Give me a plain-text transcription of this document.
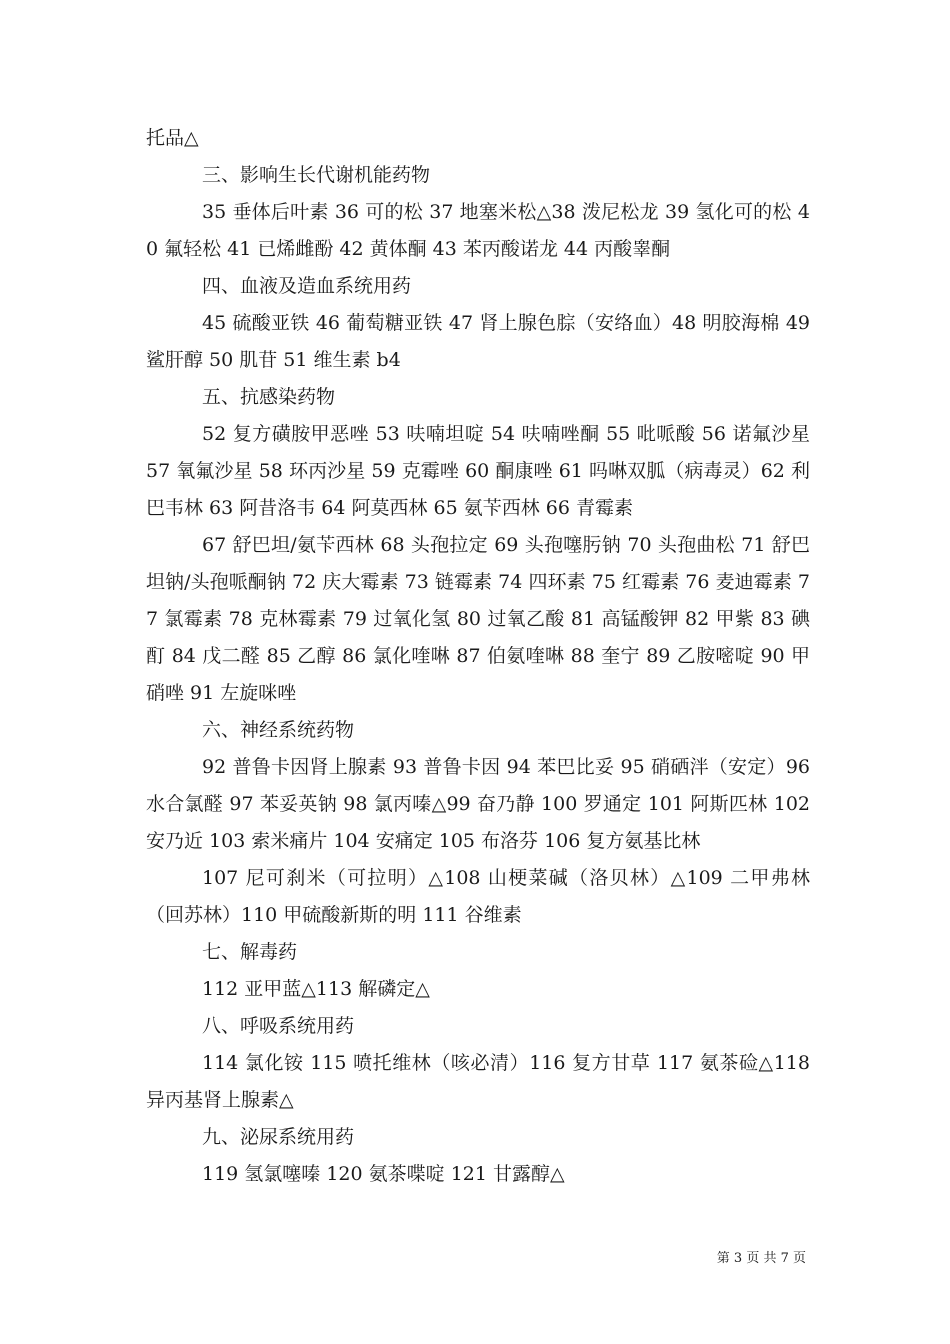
托品△

三、影响生长代谢机能药物

35 垂体后叶素 36 可的松 37 地塞米松△38 泼尼松龙 39 氢化可的松 40 氟轻松 41 已烯雌酚 42 黄体酮 43 苯丙酸诺龙 44 丙酸睾酮

四、血液及造血系统用药

45 硫酸亚铁 46 葡萄糖亚铁 47 肾上腺色腙（安络血）48 明胶海棉 49 鲨肝醇 50 肌苷 51 维生素 b4

五、抗感染药物

52 复方磺胺甲恶唑 53 呋喃坦啶 54 呋喃唑酮 55 吡哌酸 56 诺氟沙星 57 氧氟沙星 58 环丙沙星 59 克霉唑 60 酮康唑 61 吗啉双胍（病毒灵）62 利巴韦林 63 阿昔洛韦 64 阿莫西林 65 氨苄西林 66 青霉素

67 舒巴坦/氨苄西林 68 头孢拉定 69 头孢噻肟钠 70 头孢曲松 71 舒巴坦钠/头孢哌酮钠 72 庆大霉素 73 链霉素 74 四环素 75 红霉素 76 麦迪霉素 77 氯霉素 78 克林霉素 79 过氧化氢 80 过氧乙酸 81 高锰酸钾 82 甲紫 83 碘酊 84 戊二醛 85 乙醇 86 氯化喹啉 87 伯氨喹啉 88 奎宁 89 乙胺嘧啶 90 甲硝唑 91 左旋咪唑

六、神经系统药物

92 普鲁卡因肾上腺素 93 普鲁卡因 94 苯巴比妥 95 硝硒泮（安定）96 水合氯醛 97 苯妥英钠 98 氯丙嗪△99 奋乃静 100 罗通定 101 阿斯匹林 102 安乃近 103 索米痛片 104 安痛定 105 布洛芬 106 复方氨基比林

107 尼可刹米（可拉明）△108 山梗菜碱（洛贝林）△109 二甲弗林（回苏林）110 甲硫酸新斯的明 111 谷维素

七、解毒药

112 亚甲蓝△113 解磷定△

八、呼吸系统用药

114 氯化铵 115 喷托维林（咳必清）116 复方甘草 117 氨茶硷△118 异丙基肾上腺素△

九、泌尿系统用药

119 氢氯噻嗪 120 氨茶喋啶 121 甘露醇△

第 3 页 共 7 页
